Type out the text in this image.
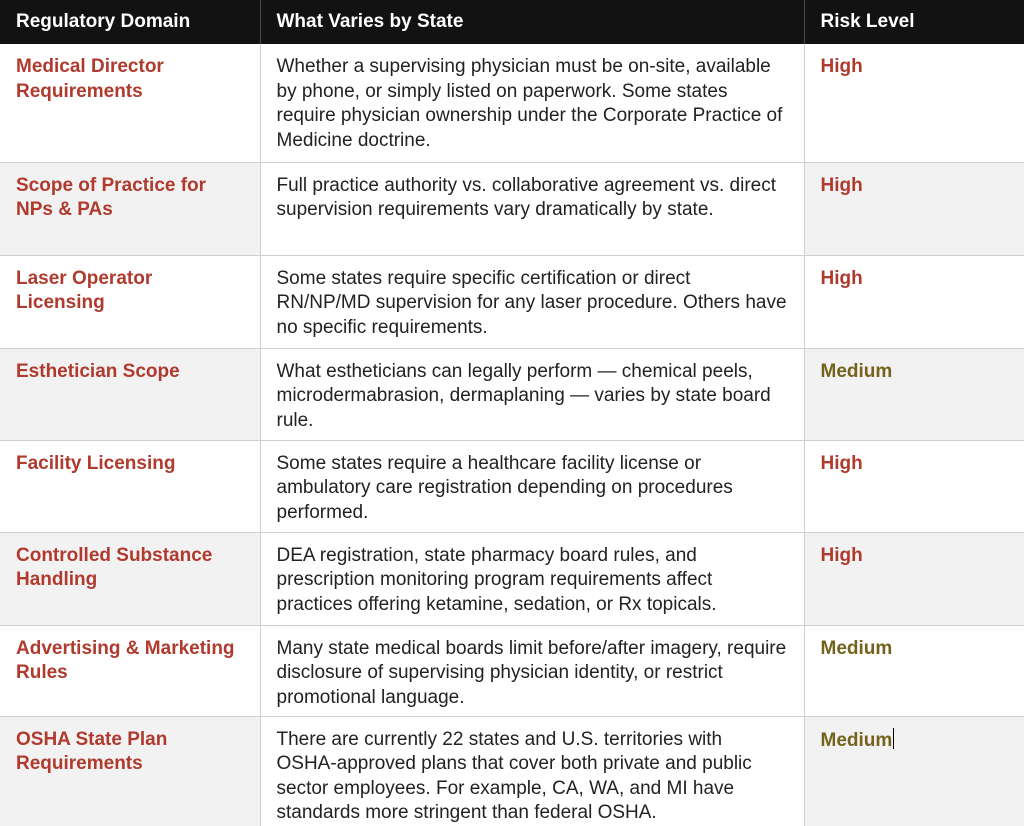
Regulatory Domain	What Varies by State	Risk Level
Medical Director Requirements	Whether a supervising physician must be on-site, available by phone, or simply listed on paperwork. Some states require physician ownership under the Corporate Practice of Medicine doctrine.	High
Scope of Practice for NPs & PAs	Full practice authority vs. collaborative agreement vs. direct supervision requirements vary dramatically by state.	High
Laser Operator Licensing	Some states require specific certification or direct RN/NP/MD supervision for any laser procedure. Others have no specific requirements.	High
Esthetician Scope	What estheticians can legally perform — chemical peels, microdermabrasion, dermaplaning — varies by state board rule.	Medium
Facility Licensing	Some states require a healthcare facility license or ambulatory care registration depending on procedures performed.	High
Controlled Substance Handling	DEA registration, state pharmacy board rules, and prescription monitoring program requirements affect practices offering ketamine, sedation, or Rx topicals.	High
Advertising & Marketing Rules	Many state medical boards limit before/after imagery, require disclosure of supervising physician identity, or restrict promotional language.	Medium
OSHA State Plan Requirements	There are currently 22 states and U.S. territories with OSHA-approved plans that cover both private and public sector employees. For example, CA, WA, and MI have standards more stringent than federal OSHA.	Medium
